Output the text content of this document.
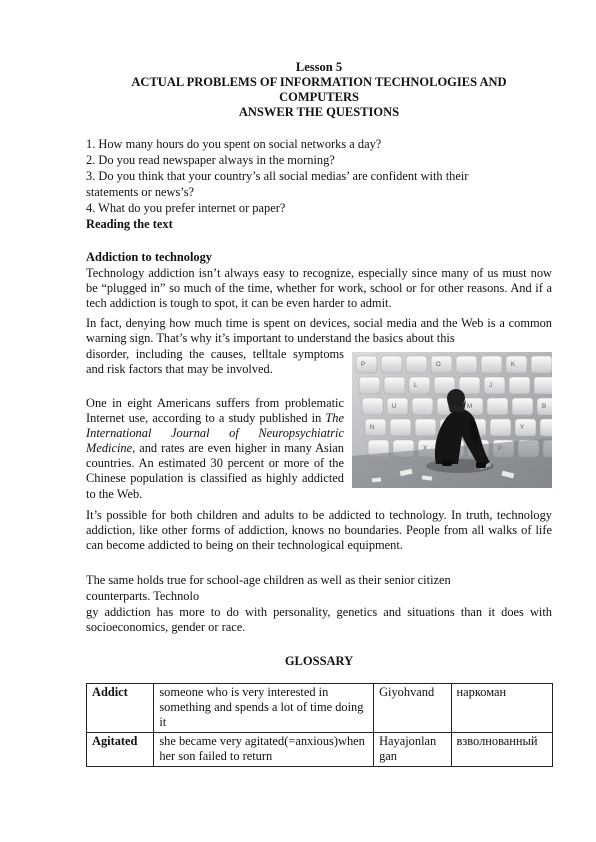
Lesson 5
ACTUAL PROBLEMS OF INFORMATION TECHNOLOGIES AND
COMPUTERS
ANSWER THE QUESTIONS
1. How many hours do you spent on social networks a day?
2. Do you read newspaper always in the morning?
3. Do you think that your country’s all social medias’ are confident with their
statements or news’s?
4. What do you prefer internet or paper?
Reading the text
Addiction to technology
Technology addiction isn’t always easy to recognize, especially since many of us must now be “plugged in” so much of the time, whether for work, school or for other reasons. And if a tech addiction is tough to spot, it can be even harder to admit.
In fact, denying how much time is spent on devices, social media and the Web is a common warning sign. That’s why it’s important to understand the basics about this
disorder, including the causes, telltale symptoms and risk factors that may be involved.
One in eight Americans suffers from problematic Internet use, according to a study published in The International Journal of Neuropsychiatric Medicine, and rates are even higher in many Asian countries. An estimated 30 percent or more of the Chinese population is classified as highly addicted to the Web.
P	O	K
L	J
U	M	B
N	Y
X
It’s possible for both children and adults to be addicted to technology. In truth, technology addiction, like other forms of addiction, knows no boundaries. People from all walks of life can become addicted to being on their technological equipment.
The same holds true for school-age children as well as their senior citizen
counterparts. Technolo
gy addiction has more to do with personality, genetics and situations than it does with socioeconomics, gender or race.
GLOSSARY
Addict	someone who is very interested in something and spends a lot of time doing it	Giyohvand	наркоман
Agitated	she became very agitated(=anxious)when her son failed to return	Hayajonlan gan	взволнованный
